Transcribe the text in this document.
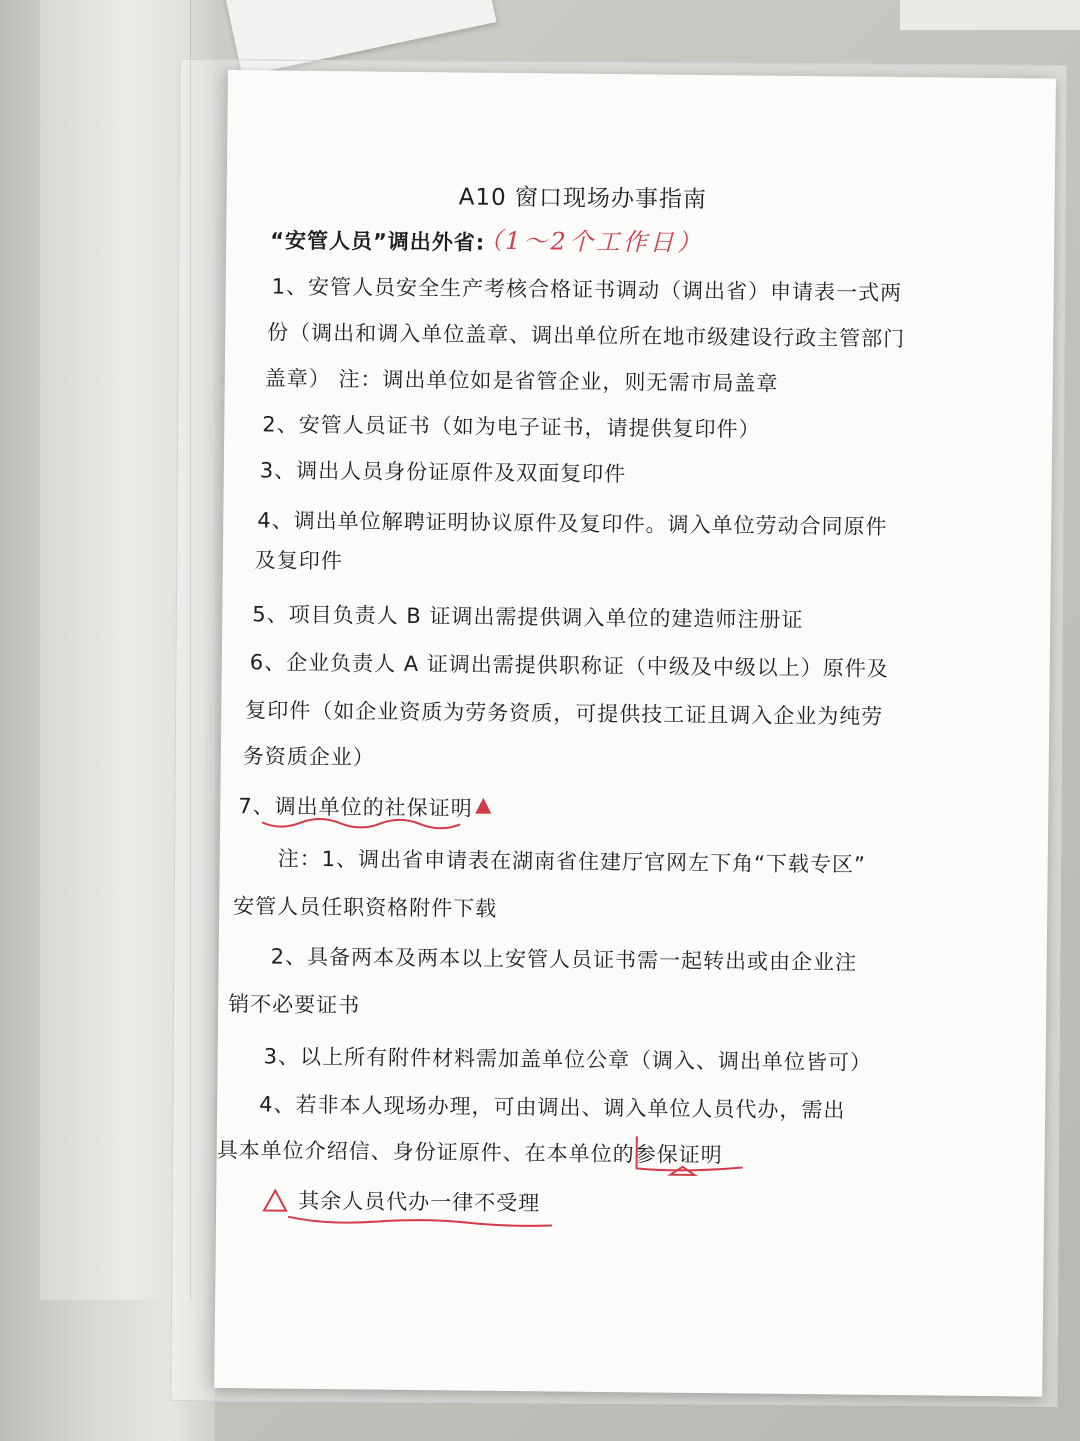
A10 窗口现场办事指南
“安管人员”调出外省:
（1～2个工作日）
1、安管人员安全生产考核合格证书调动（调出省）申请表一式两
份（调出和调入单位盖章、调出单位所在地市级建设行政主管部门
盖章） 注：调出单位如是省管企业，则无需市局盖章
2、安管人员证书（如为电子证书，请提供复印件）
3、调出人员身份证原件及双面复印件
4、调出单位解聘证明协议原件及复印件。调入单位劳动合同原件
及复印件
5、项目负责人 B 证调出需提供调入单位的建造师注册证
6、企业负责人 A 证调出需提供职称证（中级及中级以上）原件及
复印件（如企业资质为劳务资质，可提供技工证且调入企业为纯劳
务资质企业）
7、调出单位的社保证明
注：1、调出省申请表在湖南省住建厅官网左下角“下载专区”
安管人员任职资格附件下载
2、具备两本及两本以上安管人员证书需一起转出或由企业注
销不必要证书
3、以上所有附件材料需加盖单位公章（调入、调出单位皆可）
4、若非本人现场办理，可由调出、调入单位人员代办，需出
具本单位介绍信、身份证原件、在本单位的参保证明
其余人员代办一律不受理
